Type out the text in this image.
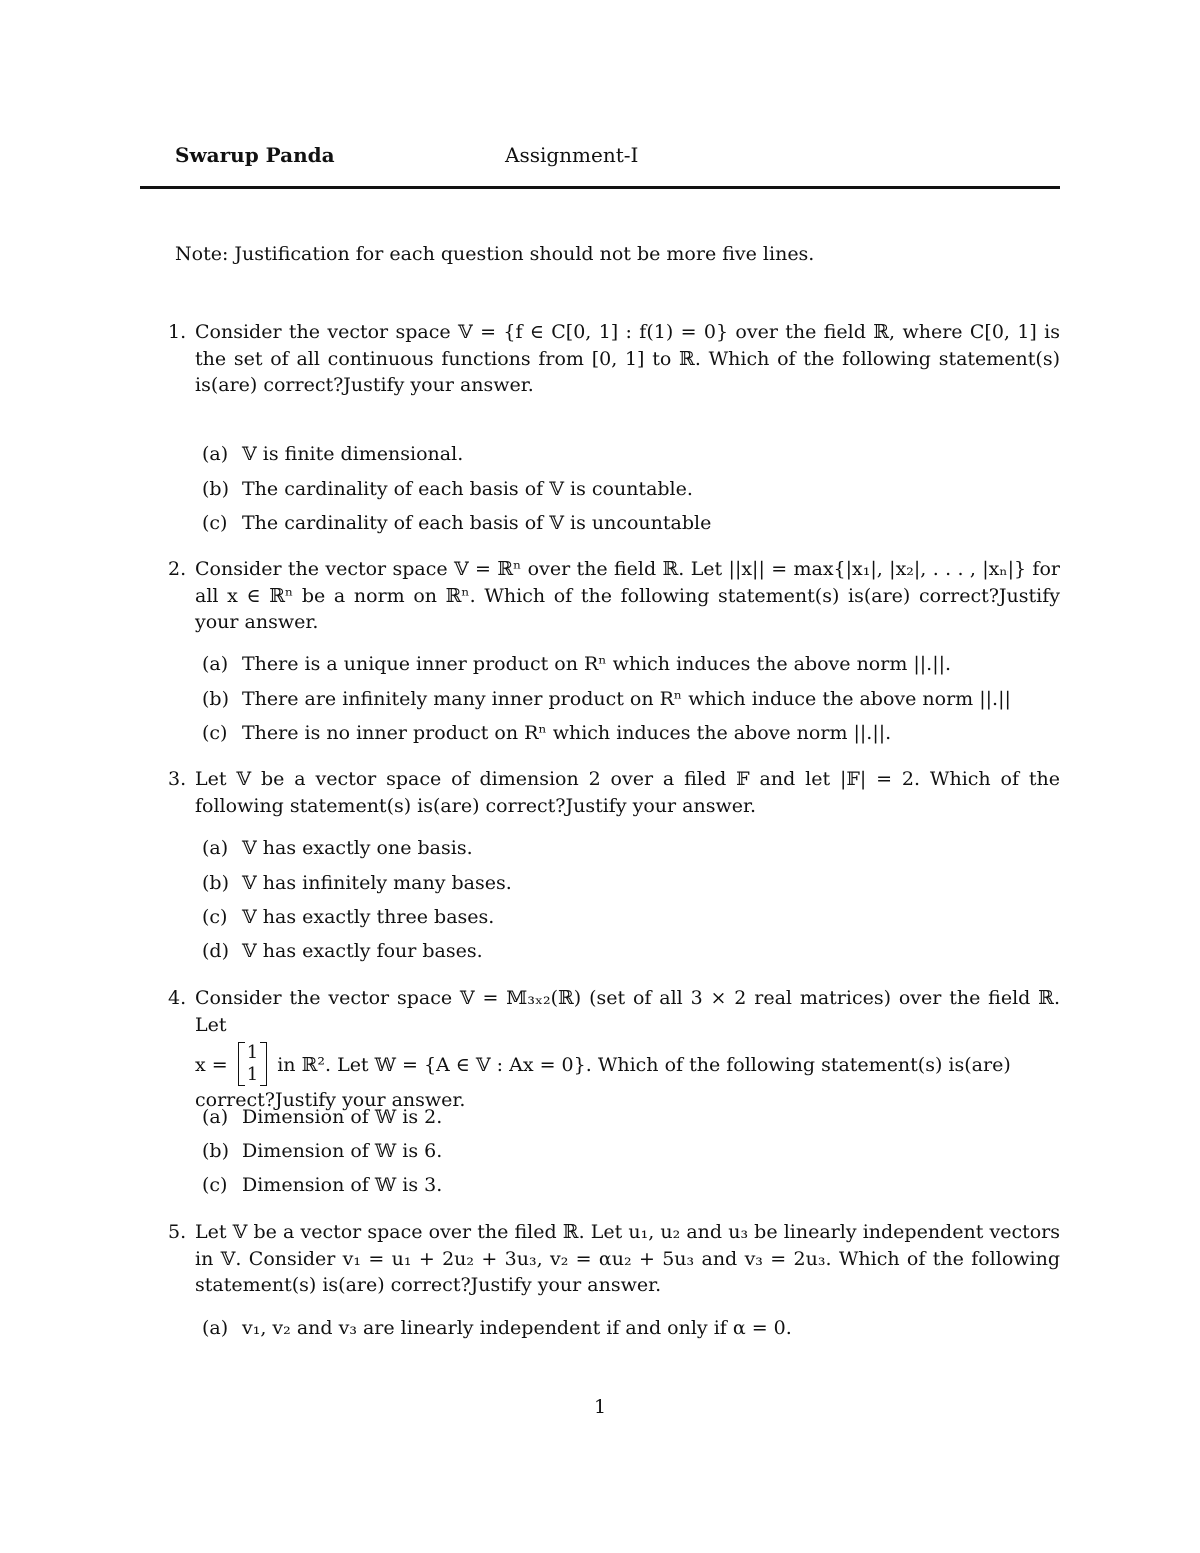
Swarup Panda	Assignment-I
Note: Justification for each question should not be more five lines.
1. Consider the vector space 𝕍 = {f ∈ C[0, 1] : f(1) = 0} over the field ℝ, where C[0, 1] is the set of all continuous functions from [0, 1] to ℝ. Which of the following statement(s) is(are) correct?Justify your answer.
(a) 𝕍 is finite dimensional.
(b) The cardinality of each basis of 𝕍 is countable.
(c) The cardinality of each basis of 𝕍 is uncountable
2. Consider the vector space 𝕍 = ℝⁿ over the field ℝ. Let ||x|| = max{|x₁|, |x₂|, . . . , |xₙ|} for all x ∈ ℝⁿ be a norm on ℝⁿ. Which of the following statement(s) is(are) correct?Justify your answer.
(a) There is a unique inner product on Rⁿ which induces the above norm ||.||.
(b) There are infinitely many inner product on Rⁿ which induce the above norm ||.||
(c) There is no inner product on Rⁿ which induces the above norm ||.||.
3. Let 𝕍 be a vector space of dimension 2 over a filed 𝔽 and let |𝔽| = 2. Which of the following statement(s) is(are) correct?Justify your answer.
(a) 𝕍 has exactly one basis.
(b) 𝕍 has infinitely many bases.
(c) 𝕍 has exactly three bases.
(d) 𝕍 has exactly four bases.
4. Consider the vector space 𝕍 = 𝕄₃ₓ₂(ℝ) (set of all 3 × 2 real matrices) over the field ℝ. Let
x =
1
1 in ℝ². Let 𝕎 = {A ∈ 𝕍 : Ax = 0}. Which of the following statement(s) is(are)
correct?Justify your answer.
(a) Dimension of 𝕎 is 2.
(b) Dimension of 𝕎 is 6.
(c) Dimension of 𝕎 is 3.
5. Let 𝕍 be a vector space over the filed ℝ. Let u₁, u₂ and u₃ be linearly independent vectors in 𝕍. Consider v₁ = u₁ + 2u₂ + 3u₃, v₂ = αu₂ + 5u₃ and v₃ = 2u₃. Which of the following statement(s) is(are) correct?Justify your answer.
(a) v₁, v₂ and v₃ are linearly independent if and only if α = 0.
1
